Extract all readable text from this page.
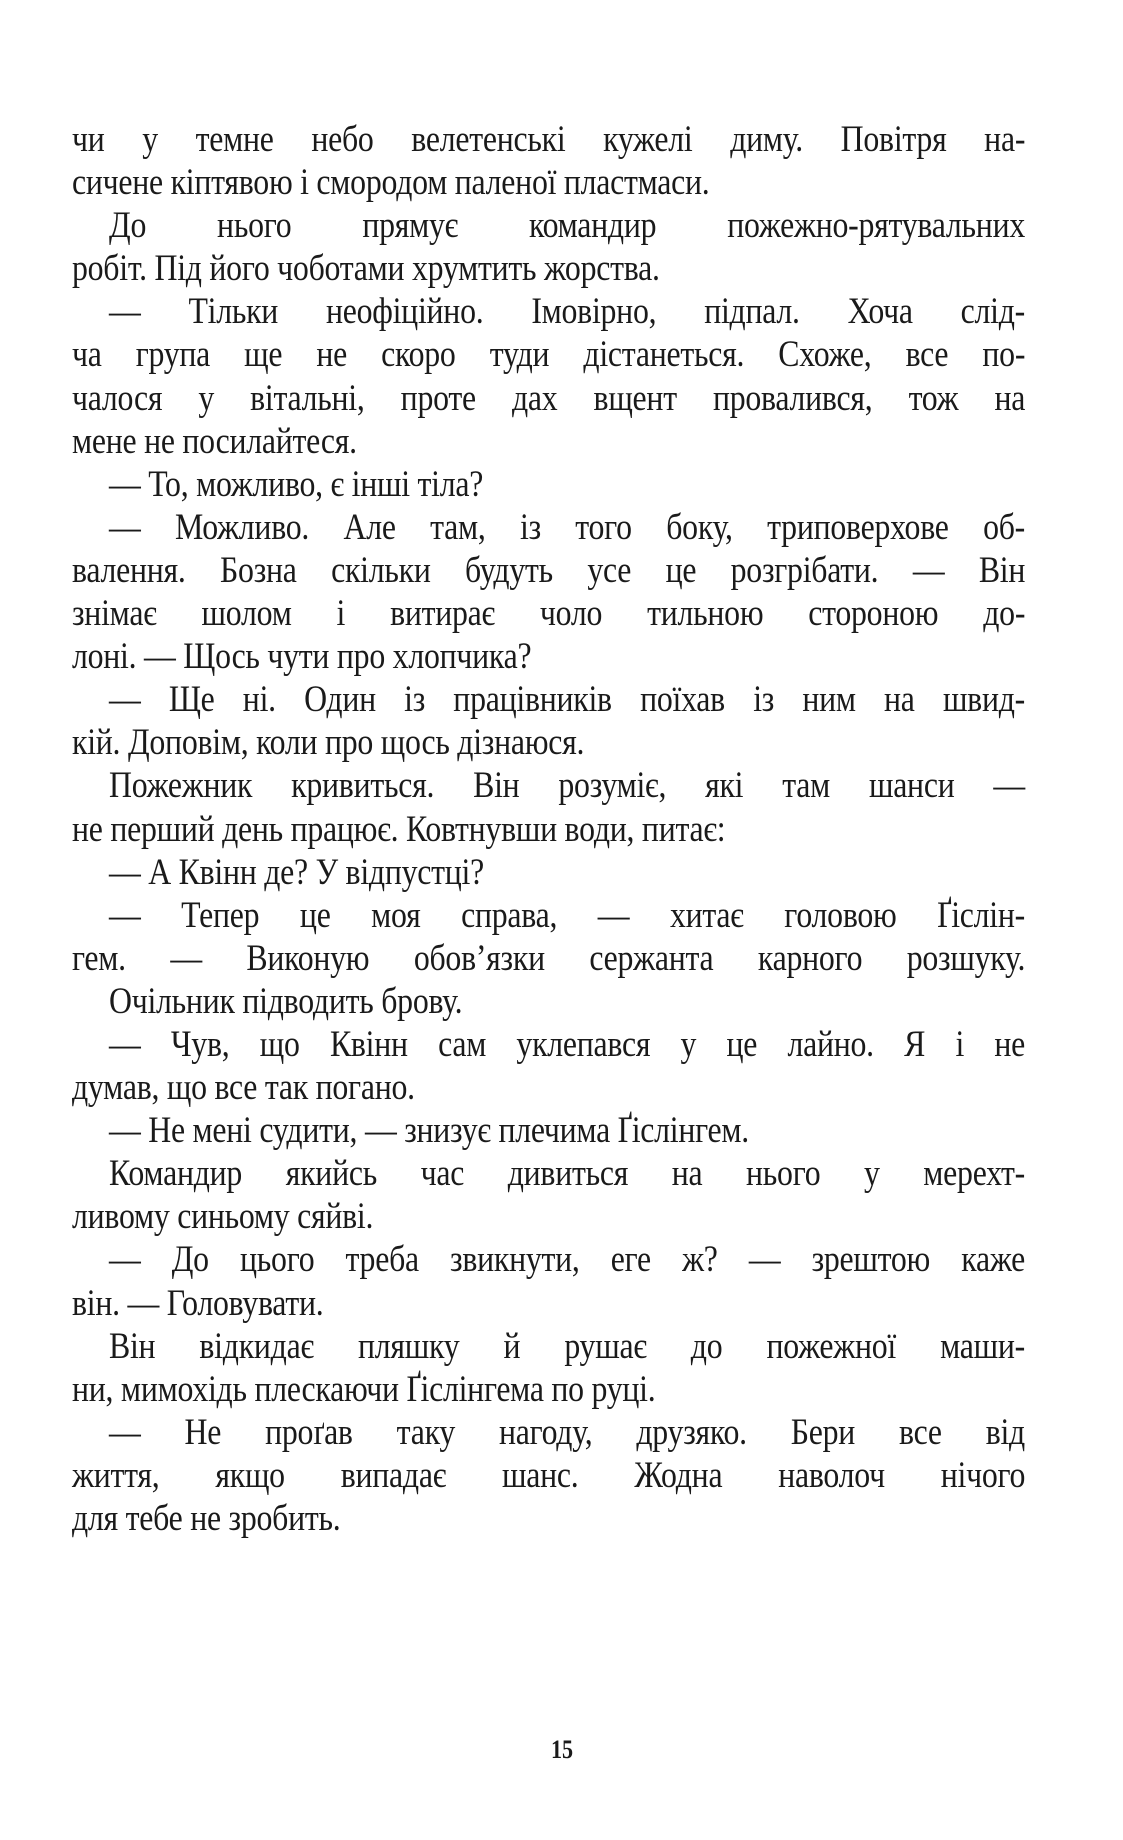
чи у темне небо велетенські кужелі диму. Повітря на-
сичене кіптявою і смородом паленої пластмаси.
До нього прямує командир пожежно-рятувальних
робіт. Під його чоботами хрумтить жорства.
— Тільки неофіційно. Імовірно, підпал. Хоча слід-
ча група ще не скоро туди дістанеться. Схоже, все по-
чалося у вітальні, проте дах вщент провалився, тож на
мене не посилайтеся.
— То, можливо, є інші тіла?
— Можливо. Але там, із того боку, триповерхове об-
валення. Бозна скільки будуть усе це розгрібати. — Він
знімає шолом і витирає чоло тильною стороною до-
лоні. — Щось чути про хлопчика?
— Ще ні. Один із працівників поїхав із ним на швид-
кій. Доповім, коли про щось дізнаюся.
Пожежник кривиться. Він розуміє, які там шанси —
не перший день працює. Ковтнувши води, питає:
— А Квінн де? У відпустці?
— Тепер це моя справа, — хитає головою Ґіслін-
гем. — Виконую обов’язки сержанта карного розшуку.
Очільник підводить брову.
— Чув, що Квінн сам уклепався у це лайно. Я і не
думав, що все так погано.
— Не мені судити, — знизує плечима Ґіслінгем.
Командир якийсь час дивиться на нього у мерехт-
ливому синьому сяйві.
— До цього треба звикнути, еге ж? — зрештою каже
він. — Головувати.
Він відкидає пляшку й рушає до пожежної маши-
ни, мимохідь плескаючи Ґіслінгема по руці.
— Не проґав таку нагоду, друзяко. Бери все від
життя, якщо випадає шанс. Жодна наволоч нічого
для тебе не зробить.
15
